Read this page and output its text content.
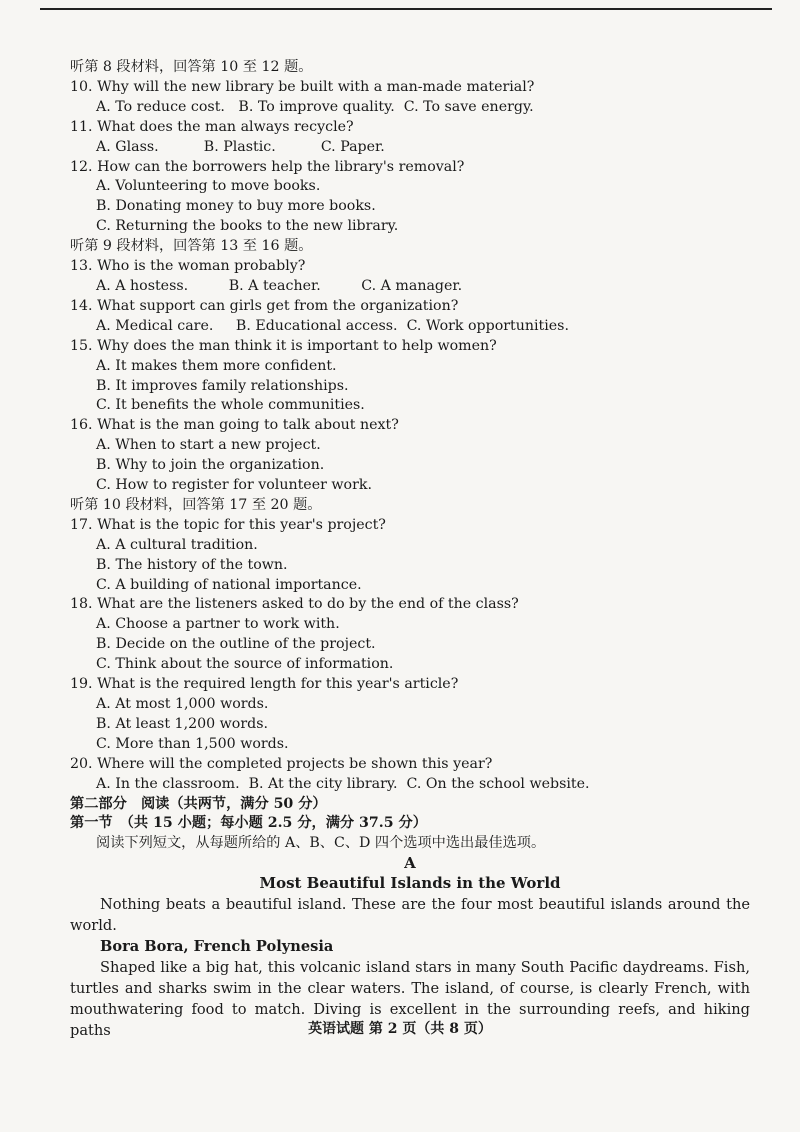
听第 8 段材料，回答第 10 至 12 题。
10. Why will the new library be built with a man-made material?
A. To reduce cost.   B. To improve quality.  C. To save energy.
11. What does the man always recycle?
A. Glass.          B. Plastic.          C. Paper.
12. How can the borrowers help the library's removal?
A. Volunteering to move books.
B. Donating money to buy more books.
C. Returning the books to the new library.
听第 9 段材料，回答第 13 至 16 题。
13. Who is the woman probably?
A. A hostess.         B. A teacher.         C. A manager.
14. What support can girls get from the organization?
A. Medical care.     B. Educational access.  C. Work opportunities.
15. Why does the man think it is important to help women?
A. It makes them more confident.
B. It improves family relationships.
C. It benefits the whole communities.
16. What is the man going to talk about next?
A. When to start a new project.
B. Why to join the organization.
C. How to register for volunteer work.
听第 10 段材料，回答第 17 至 20 题。
17. What is the topic for this year's project?
A. A cultural tradition.
B. The history of the town.
C. A building of national importance.
18. What are the listeners asked to do by the end of the class?
A. Choose a partner to work with.
B. Decide on the outline of the project.
C. Think about the source of information.
19. What is the required length for this year's article?
A. At most 1,000 words.
B. At least 1,200 words.
C. More than 1,500 words.
20. Where will the completed projects be shown this year?
A. In the classroom.  B. At the city library.  C. On the school website.
第二部分　阅读（共两节，满分 50 分）
第一节　（共 15 小题；每小题 2.5 分，满分 37.5 分）
阅读下列短文，从每题所给的 A、B、C、D 四个选项中选出最佳选项。
A
Most Beautiful Islands in the World
Nothing beats a beautiful island. These are the four most beautiful islands around the world.
Bora Bora, French Polynesia
Shaped like a big hat, this volcanic island stars in many South Pacific daydreams. Fish, turtles and sharks swim in the clear waters. The island, of course, is clearly French, with mouthwatering food to match. Diving is excellent in the surrounding reefs, and hiking paths	英语试题 第 2 页（共 8 页）
